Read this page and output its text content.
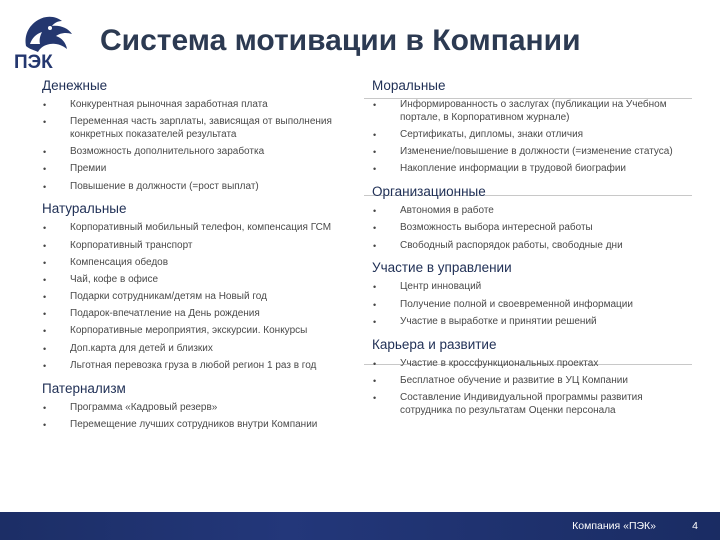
ПЭК
Система мотивации в Компании
Денежные
• Конкурентная рыночная заработная плата
• Переменная часть зарплаты, зависящая от выполнения конкретных показателей результата
• Возможность дополнительного заработка
• Премии
• Повышение в должности (=рост выплат)
Натуральные
• Корпоративный мобильный телефон, компенсация ГСМ
• Корпоративный транспорт
• Компенсация обедов
• Чай, кофе в офисе
• Подарки сотрудникам/детям на Новый год
• Подарок-впечатление на День рождения
• Корпоративные мероприятия, экскурсии. Конкурсы
• Доп.карта для детей и близких
• Льготная перевозка груза в любой регион 1 раз в год
Патернализм
• Программа «Кадровый резерв»
• Перемещение лучших сотрудников внутри Компании
Моральные
• Информированность о заслугах (публикации на Учебном портале, в Корпоративном журнале)
• Сертификаты, дипломы, знаки отличия
• Изменение/повышение в должности (=изменение статуса)
• Накопление информации в трудовой биографии
Организационные
• Автономия в работе
• Возможность выбора интересной работы
• Свободный распорядок работы, свободные дни
Участие в управлении
• Центр инноваций
• Получение полной и своевременной информации
• Участие в выработке и принятии решений
Карьера и развитие
• Участие в кроссфункциональных проектах
• Бесплатное обучение и развитие в УЦ Компании
• Составление Индивидуальной программы развития сотрудника по результатам Оценки персонала
Компания «ПЭК»	4
